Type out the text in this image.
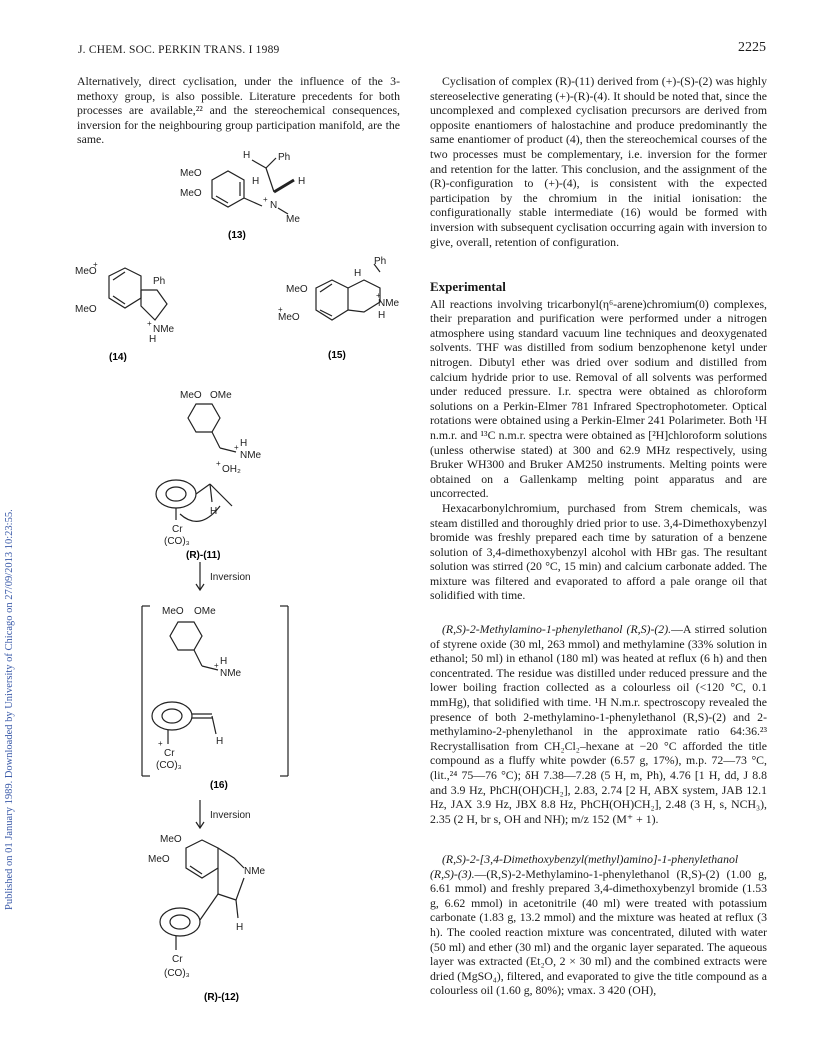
J. CHEM. SOC. PERKIN TRANS. I 1989	2225
Published on 01 January 1989. Downloaded by University of Chicago on 27/09/2013 10:23:55.

Alternatively, direct cyclisation, under the influence of the 3-methoxy group, is also possible. Literature precedents for both processes are available,²² and the stereochemical consequences, inversion for the neighbouring group participation manifold, are the same.

MeO
MeO
H	Ph
H	H
N
+
Me
(13)
MeO
+
MeO
Ph
NMe
+
H
(14)
Ph
H
MeO
MeO
+
NMe
+
H
(15)
MeO OMe
H
NMe
+
OH₂
+
H
Cr
(CO)₃
(R)-(11)
Inversion
MeO OMe
H
NMe
+
H
+
Cr
(CO)₃
(16)
Inversion
MeO
MeO
NMe
H
Cr
(CO)₃
(R)-(12)

Cyclisation of complex (R)-(11) derived from (+)-(S)-(2) was highly stereoselective generating (+)-(R)-(4). It should be noted that, since the uncomplexed and complexed cyclisation precursors are derived from opposite enantiomers of halostachine and produce predominantly the same enantiomer of product (4), then the stereochemical courses of the two processes must be complementary, i.e. inversion for the former and retention for the latter. This conclusion, and the assignment of the (R)-configuration to (+)-(4), is consistent with the expected participation by the chromium in the initial ionisation: the configurationally stable intermediate (16) would be formed with inversion with subsequent cyclisation occurring again with inversion to give, overall, retention of configuration.

Experimental

All reactions involving tricarbonyl(η⁶-arene)chromium(0) complexes, their preparation and purification were performed under a nitrogen atmosphere using standard vacuum line techniques and deoxygenated solvents. THF was distilled from sodium benzophenone ketyl under nitrogen. Dibutyl ether was dried over sodium and distilled from calcium hydride prior to use. Removal of all solvents was performed under reduced pressure. I.r. spectra were obtained as chloroform solutions on a Perkin-Elmer 781 Infrared Spectrophotometer. Optical rotations were obtained using a Perkin-Elmer 241 Polarimeter. Both ¹H n.m.r. and ¹³C n.m.r. spectra were obtained as [²H]chloroform solutions (unless otherwise stated) at 300 and 62.9 MHz respectively, using Bruker WH300 and Bruker AM250 instruments. Melting points were obtained on a Gallenkamp melting point apparatus and are uncorrected.

Hexacarbonylchromium, purchased from Strem chemicals, was steam distilled and thoroughly dried prior to use. 3,4-Dimethoxybenzyl bromide was freshly prepared each time by saturation of a benzene solution of 3,4-dimethoxybenzyl alcohol with HBr gas. The resultant solution was stirred (20 °C, 15 min) and calcium carbonate added. The mixture was filtered and evaporated to afford a pale orange oil that solidified with time.

(R,S)-2-Methylamino-1-phenylethanol (R,S)-(2).—A stirred solution of styrene oxide (30 ml, 263 mmol) and methylamine (33% solution in ethanol; 50 ml) in ethanol (180 ml) was heated at reflux (6 h) and then concentrated. The residue was distilled under reduced pressure and the lower boiling fraction collected as a colourless oil (<120 °C, 0.1 mmHg), that solidified with time. ¹H N.m.r. spectroscopy revealed the presence of both 2-methylamino-1-phenylethanol (R,S)-(2) and 2-methylamino-2-phenylethanol in the approximate ratio 64:36.²³ Recrystallisation from CH₂Cl₂–hexane at −20 °C afforded the title compound as a fluffy white powder (6.57 g, 17%), m.p. 72—73 °C, (lit.,²⁴ 75—76 °C); δH 7.38—7.28 (5 H, m, Ph), 4.76 [1 H, dd, J 8.8 and 3.9 Hz, PhCH(OH)CH₂], 2.83, 2.74 [2 H, ABX system, JAB 12.1 Hz, JAX 3.9 Hz, JBX 8.8 Hz, PhCH(OH)CH₂], 2.48 (3 H, s, NCH₃), 2.35 (2 H, br s, OH and NH); m/z 152 (M⁺ + 1).

(R,S)-2-[3,4-Dimethoxybenzyl(methyl)amino]-1-phenylethanol (R,S)-(3).—(R,S)-2-Methylamino-1-phenylethanol (R,S)-(2) (1.00 g, 6.61 mmol) and freshly prepared 3,4-dimethoxybenzyl bromide (1.53 g, 6.62 mmol) in acetonitrile (40 ml) were treated with potassium carbonate (1.83 g, 13.2 mmol) and the mixture was heated at reflux (3 h). The cooled reaction mixture was concentrated, diluted with water (50 ml) and ether (30 ml) and the organic layer separated. The aqueous layer was extracted (Et₂O, 2 × 30 ml) and the combined extracts were dried (MgSO₄), filtered, and evaporated to give the title compound as a colourless oil (1.60 g, 80%); νmax. 3 420 (OH),
